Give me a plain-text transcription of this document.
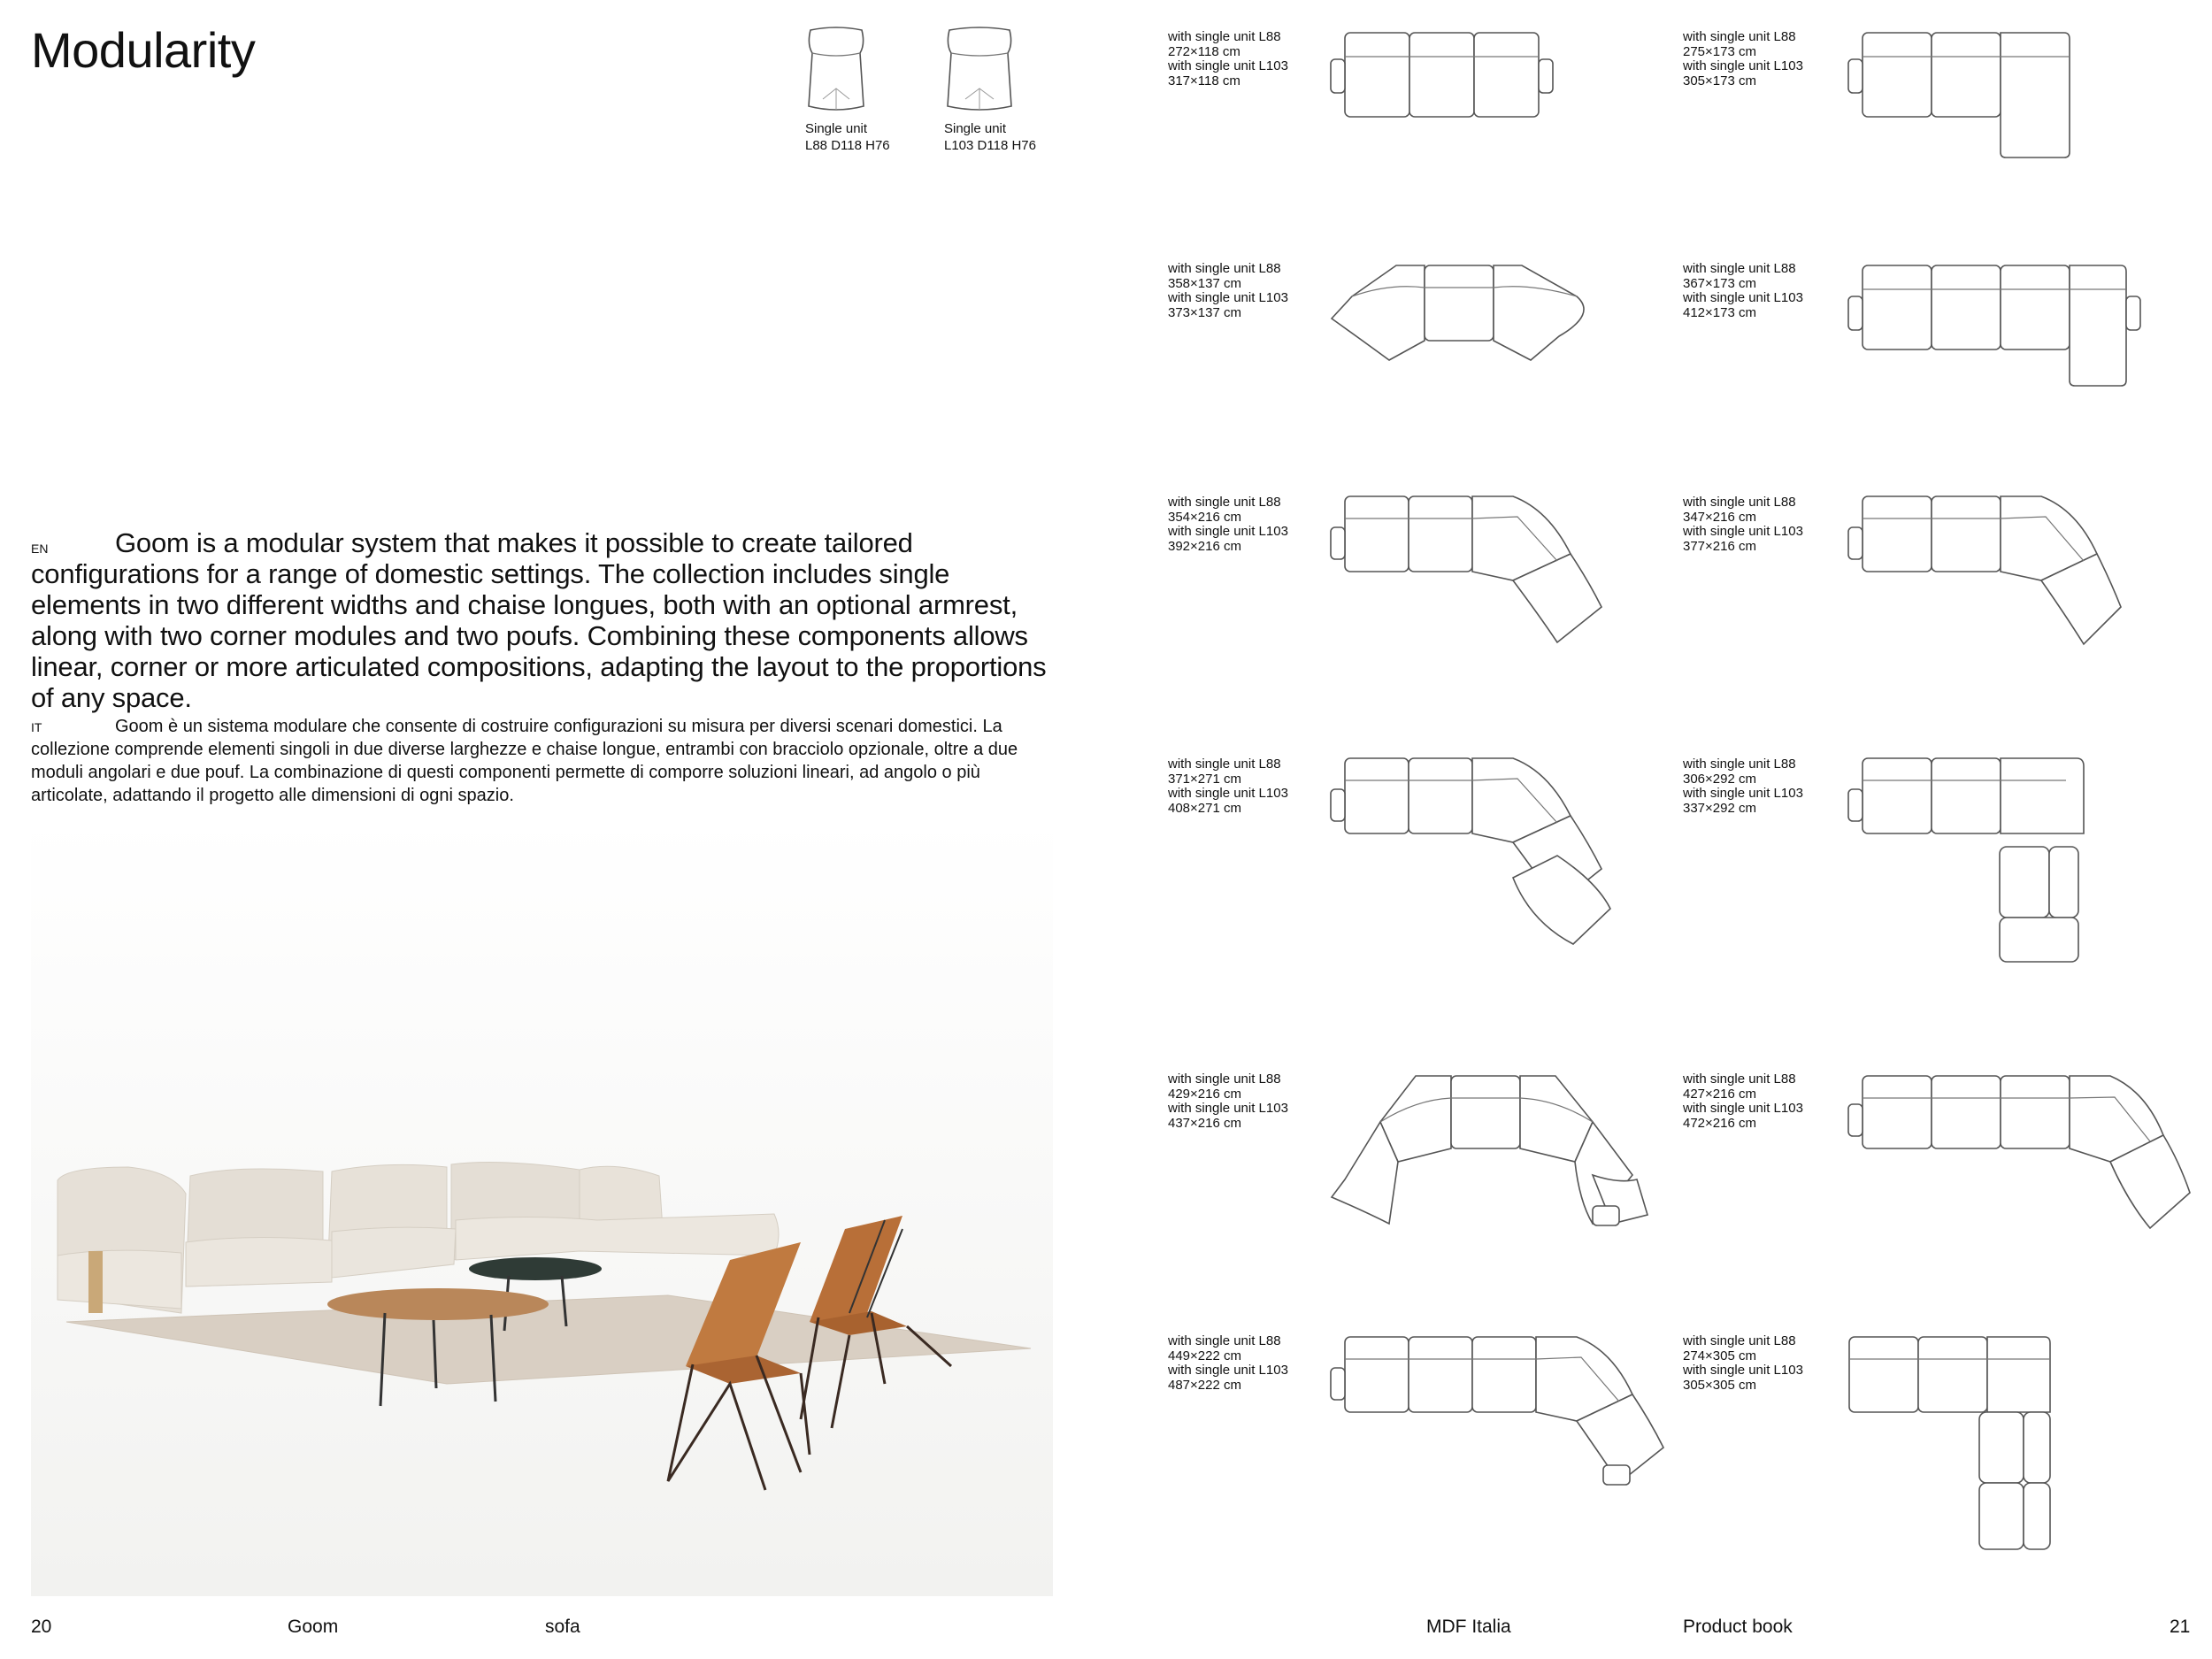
Modularity
Single unit
L88 D118 H76
Single unit
L103 D118 H76
EN	Goom is a modular system that makes it possible to create tailored configurations for a range of domestic settings. The collection includes single elements in two different widths and chaise longues, both with an optional armrest, along with two corner modules and two poufs. Combining these components allows linear, corner or more articulated compositions, adapting the layout to the proportions of any space.

IT	Goom è un sistema modulare che consente di costruire configurazioni su misura per diversi scenari domestici. La collezione comprende elementi singoli in due diverse larghezze e chaise longue, entrambi con bracciolo opzionale, oltre a due moduli angolari e due pouf. La combinazione di questi componenti permette di comporre soluzioni lineari, ad angolo o più articolate, adattando il progetto alle dimensioni di ogni spazio.

with single unit L88
272×118 cm
with single unit L103
317×118 cm
with single unit L88
275×173 cm
with single unit L103
305×173 cm
with single unit L88
358×137 cm
with single unit L103
373×137 cm
with single unit L88
367×173 cm
with single unit L103
412×173 cm
with single unit L88
354×216 cm
with single unit L103
392×216 cm
with single unit L88
347×216 cm
with single unit L103
377×216 cm
with single unit L88
371×271 cm
with single unit L103
408×271 cm
with single unit L88
306×292 cm
with single unit L103
337×292 cm
with single unit L88
429×216 cm
with single unit L103
437×216 cm
with single unit L88
427×216 cm
with single unit L103
472×216 cm
with single unit L88
449×222 cm
with single unit L103
487×222 cm
with single unit L88
274×305 cm
with single unit L103
305×305 cm
20	Goom	sofa	MDF Italia	Product book	21
